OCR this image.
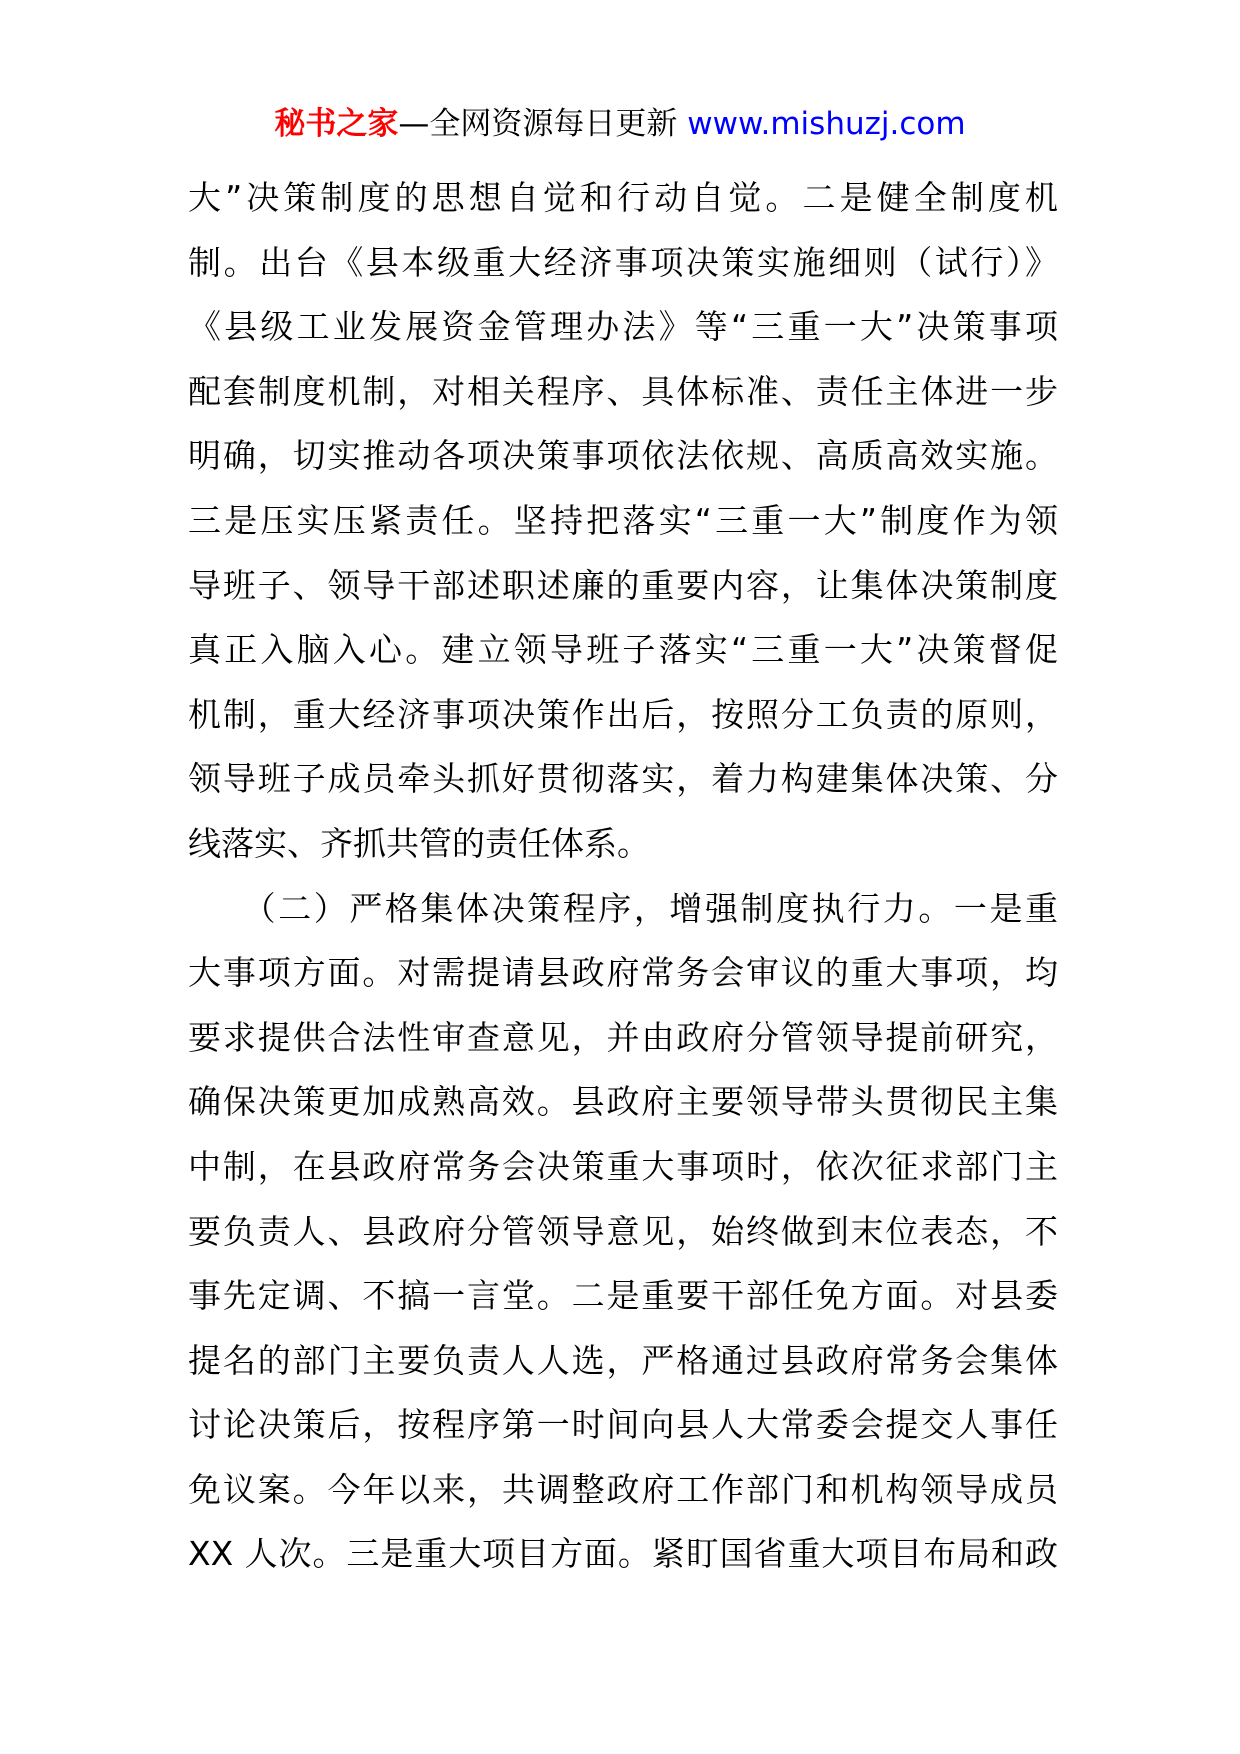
秘书之家—全网资源每日更新 www.mishuzj.com
大”决策制度的思想自觉和行动自觉。二是健全制度机
制。出台《县本级重大经济事项决策实施细则（试行）》
《县级工业发展资金管理办法》等“三重一大”决策事项
配套制度机制，对相关程序、具体标准、责任主体进一步
明确，切实推动各项决策事项依法依规、高质高效实施。
三是压实压紧责任。坚持把落实“三重一大”制度作为领
导班子、领导干部述职述廉的重要内容，让集体决策制度
真正入脑入心。建立领导班子落实“三重一大”决策督促
机制，重大经济事项决策作出后，按照分工负责的原则，
领导班子成员牵头抓好贯彻落实，着力构建集体决策、分
线落实、齐抓共管的责任体系。
　　（二）严格集体决策程序，增强制度执行力。一是重
大事项方面。对需提请县政府常务会审议的重大事项，均
要求提供合法性审查意见，并由政府分管领导提前研究，
确保决策更加成熟高效。县政府主要领导带头贯彻民主集
中制，在县政府常务会决策重大事项时，依次征求部门主
要负责人、县政府分管领导意见，始终做到末位表态，不
事先定调、不搞一言堂。二是重要干部任免方面。对县委
提名的部门主要负责人人选，严格通过县政府常务会集体
讨论决策后，按程序第一时间向县人大常委会提交人事任
免议案。今年以来，共调整政府工作部门和机构领导成员
XX 人次。三是重大项目方面。紧盯国省重大项目布局和政
